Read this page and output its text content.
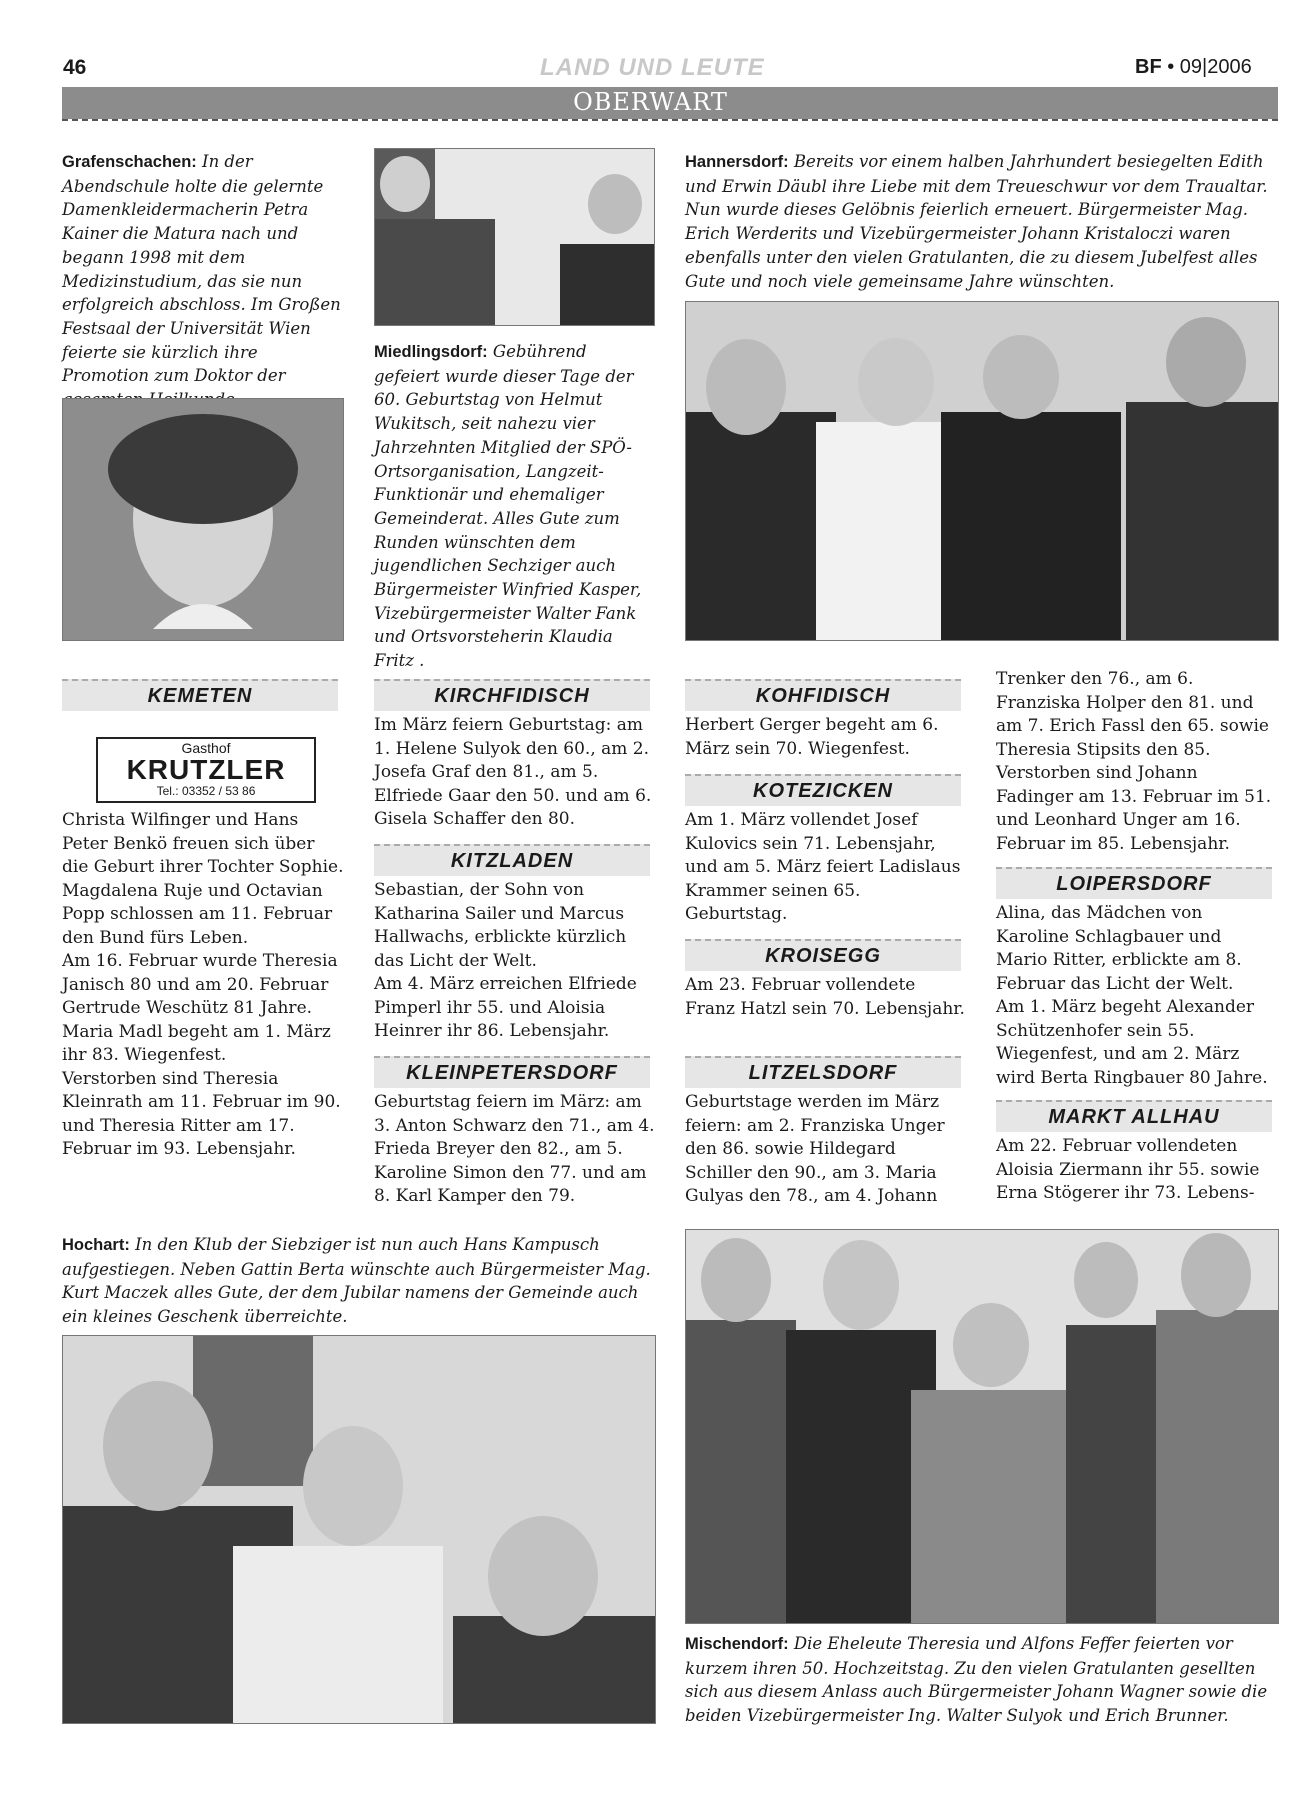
46	LAND UND LEUTE	BF • 09|2006
OBERWART
Grafenschachen: In der Abendschule holte die gelernte Damenkleidermacherin Petra Kainer die Matura nach und begann 1998 mit dem Medizinstudium, das sie nun erfolgreich abschloss. Im Großen Festsaal der Universität Wien feierte sie kürzlich ihre Promotion zum Doktor der
Miedlingsdorf: Gebührend gefeiert wurde dieser Tage der 60. Geburtstag von Helmut Wukitsch, seit nahezu vier Jahrzehnten Mitglied der SPÖ-Ortsorganisation, Langzeit-Funktionär und ehemaliger Gemeinderat. Alles Gute zum Runden wünschten dem jugendlichen Sechziger auch Bürgermeister Winfried Kasper, Vizebürgermeister Walter Fank und Ortsvorsteherin Klaudia Fritz .
Hannersdorf: Bereits vor einem halben Jahrhundert besiegelten Edith und Erwin Däubl ihre Liebe mit dem Treueschwur vor dem Traualtar. Nun wurde dieses Gelöbnis feierlich erneuert. Bürgermeister Mag. Erich Werderits und Vizebürgermeister Johann Kristaloczi waren ebenfalls unter den vielen Gratulanten, die zu diesem Jubelfest alles Gute und noch viele gemeinsame Jahre wünschten.
KEMETEN
Gasthof
KRUTZLER
Tel.: 03352 / 53 86

Christa Wilfinger und Hans Peter Benkö freuen sich über die Geburt ihrer Tochter Sophie.

Magdalena Ruje und Octavian Popp schlossen am 11. Februar den Bund fürs Leben.

Am 16. Februar wurde Theresia Janisch 80 und am 20. Februar Gertrude Weschütz 81 Jahre.

Maria Madl begeht am 1. März ihr 83. Wiegenfest.

Verstorben sind Theresia Kleinrath am 11. Februar im 90. und Theresia Ritter am 17. Februar im 93. Lebensjahr.

KIRCHFIDISCH

Im März feiern Geburtstag: am 1. Helene Sulyok den 60., am 2. Josefa Graf den 81., am 5. Elfriede Gaar den 50. und am 6. Gisela Schaffer den 80.

KITZLADEN

Sebastian, der Sohn von Katharina Sailer und Marcus Hallwachs, erblickte kürzlich das Licht der Welt.

Am 4. März erreichen Elfriede Pimperl ihr 55. und Aloisia Heinrer ihr 86. Lebensjahr.

KLEINPETERSDORF

Geburtstag feiern im März: am 3. Anton Schwarz den 71., am 4. Frieda Breyer den 82., am 5. Karoline Simon den 77. und am 8. Karl Kamper den 79.

KOHFIDISCH

Herbert Gerger begeht am 6. März sein 70. Wiegenfest.

KOTEZICKEN

Am 1. März vollendet Josef Kulovics sein 71. Lebensjahr, und am 5. März feiert Ladislaus Krammer seinen 65. Geburtstag.

KROISEGG

Am 23. Februar vollendete Franz Hatzl sein 70. Lebensjahr.

LITZELSDORF

Geburtstage werden im März feiern: am 2. Franziska Unger den 86. sowie Hildegard Schiller den 90., am 3. Maria Gulyas den 78., am 4. Johann

Trenker den 76., am 6. Franziska Holper den 81. und am 7. Erich Fassl den 65. sowie Theresia Stipsits den 85.

Verstorben sind Johann Fadinger am 13. Februar im 51. und Leonhard Unger am 16. Februar im 85. Lebensjahr.

LOIPERSDORF

Alina, das Mädchen von Karoline Schlagbauer und Mario Ritter, erblickte am 8. Februar das Licht der Welt.

Am 1. März begeht Alexander Schützenhofer sein 55. Wiegenfest, und am 2. März wird Berta Ringbauer 80 Jahre.

MARKT ALLHAU

Am 22. Februar vollendeten Aloisia Ziermann ihr 55. sowie Erna Stögerer ihr 73. Lebens-

Hochart: In den Klub der Siebziger ist nun auch Hans Kampusch aufgestiegen. Neben Gattin Berta wünschte auch Bürgermeister Mag. Kurt Maczek alles Gute, der dem Jubilar namens der Gemeinde auch ein kleines Geschenk überreichte.
Mischendorf: Die Eheleute Theresia und Alfons Feffer feierten vor kurzem ihren 50. Hochzeitstag. Zu den vielen Gratulanten gesellten sich aus diesem Anlass auch Bürgermeister Johann Wagner sowie die beiden Vizebürgermeister Ing. Walter Sulyok und Erich Brunner.
